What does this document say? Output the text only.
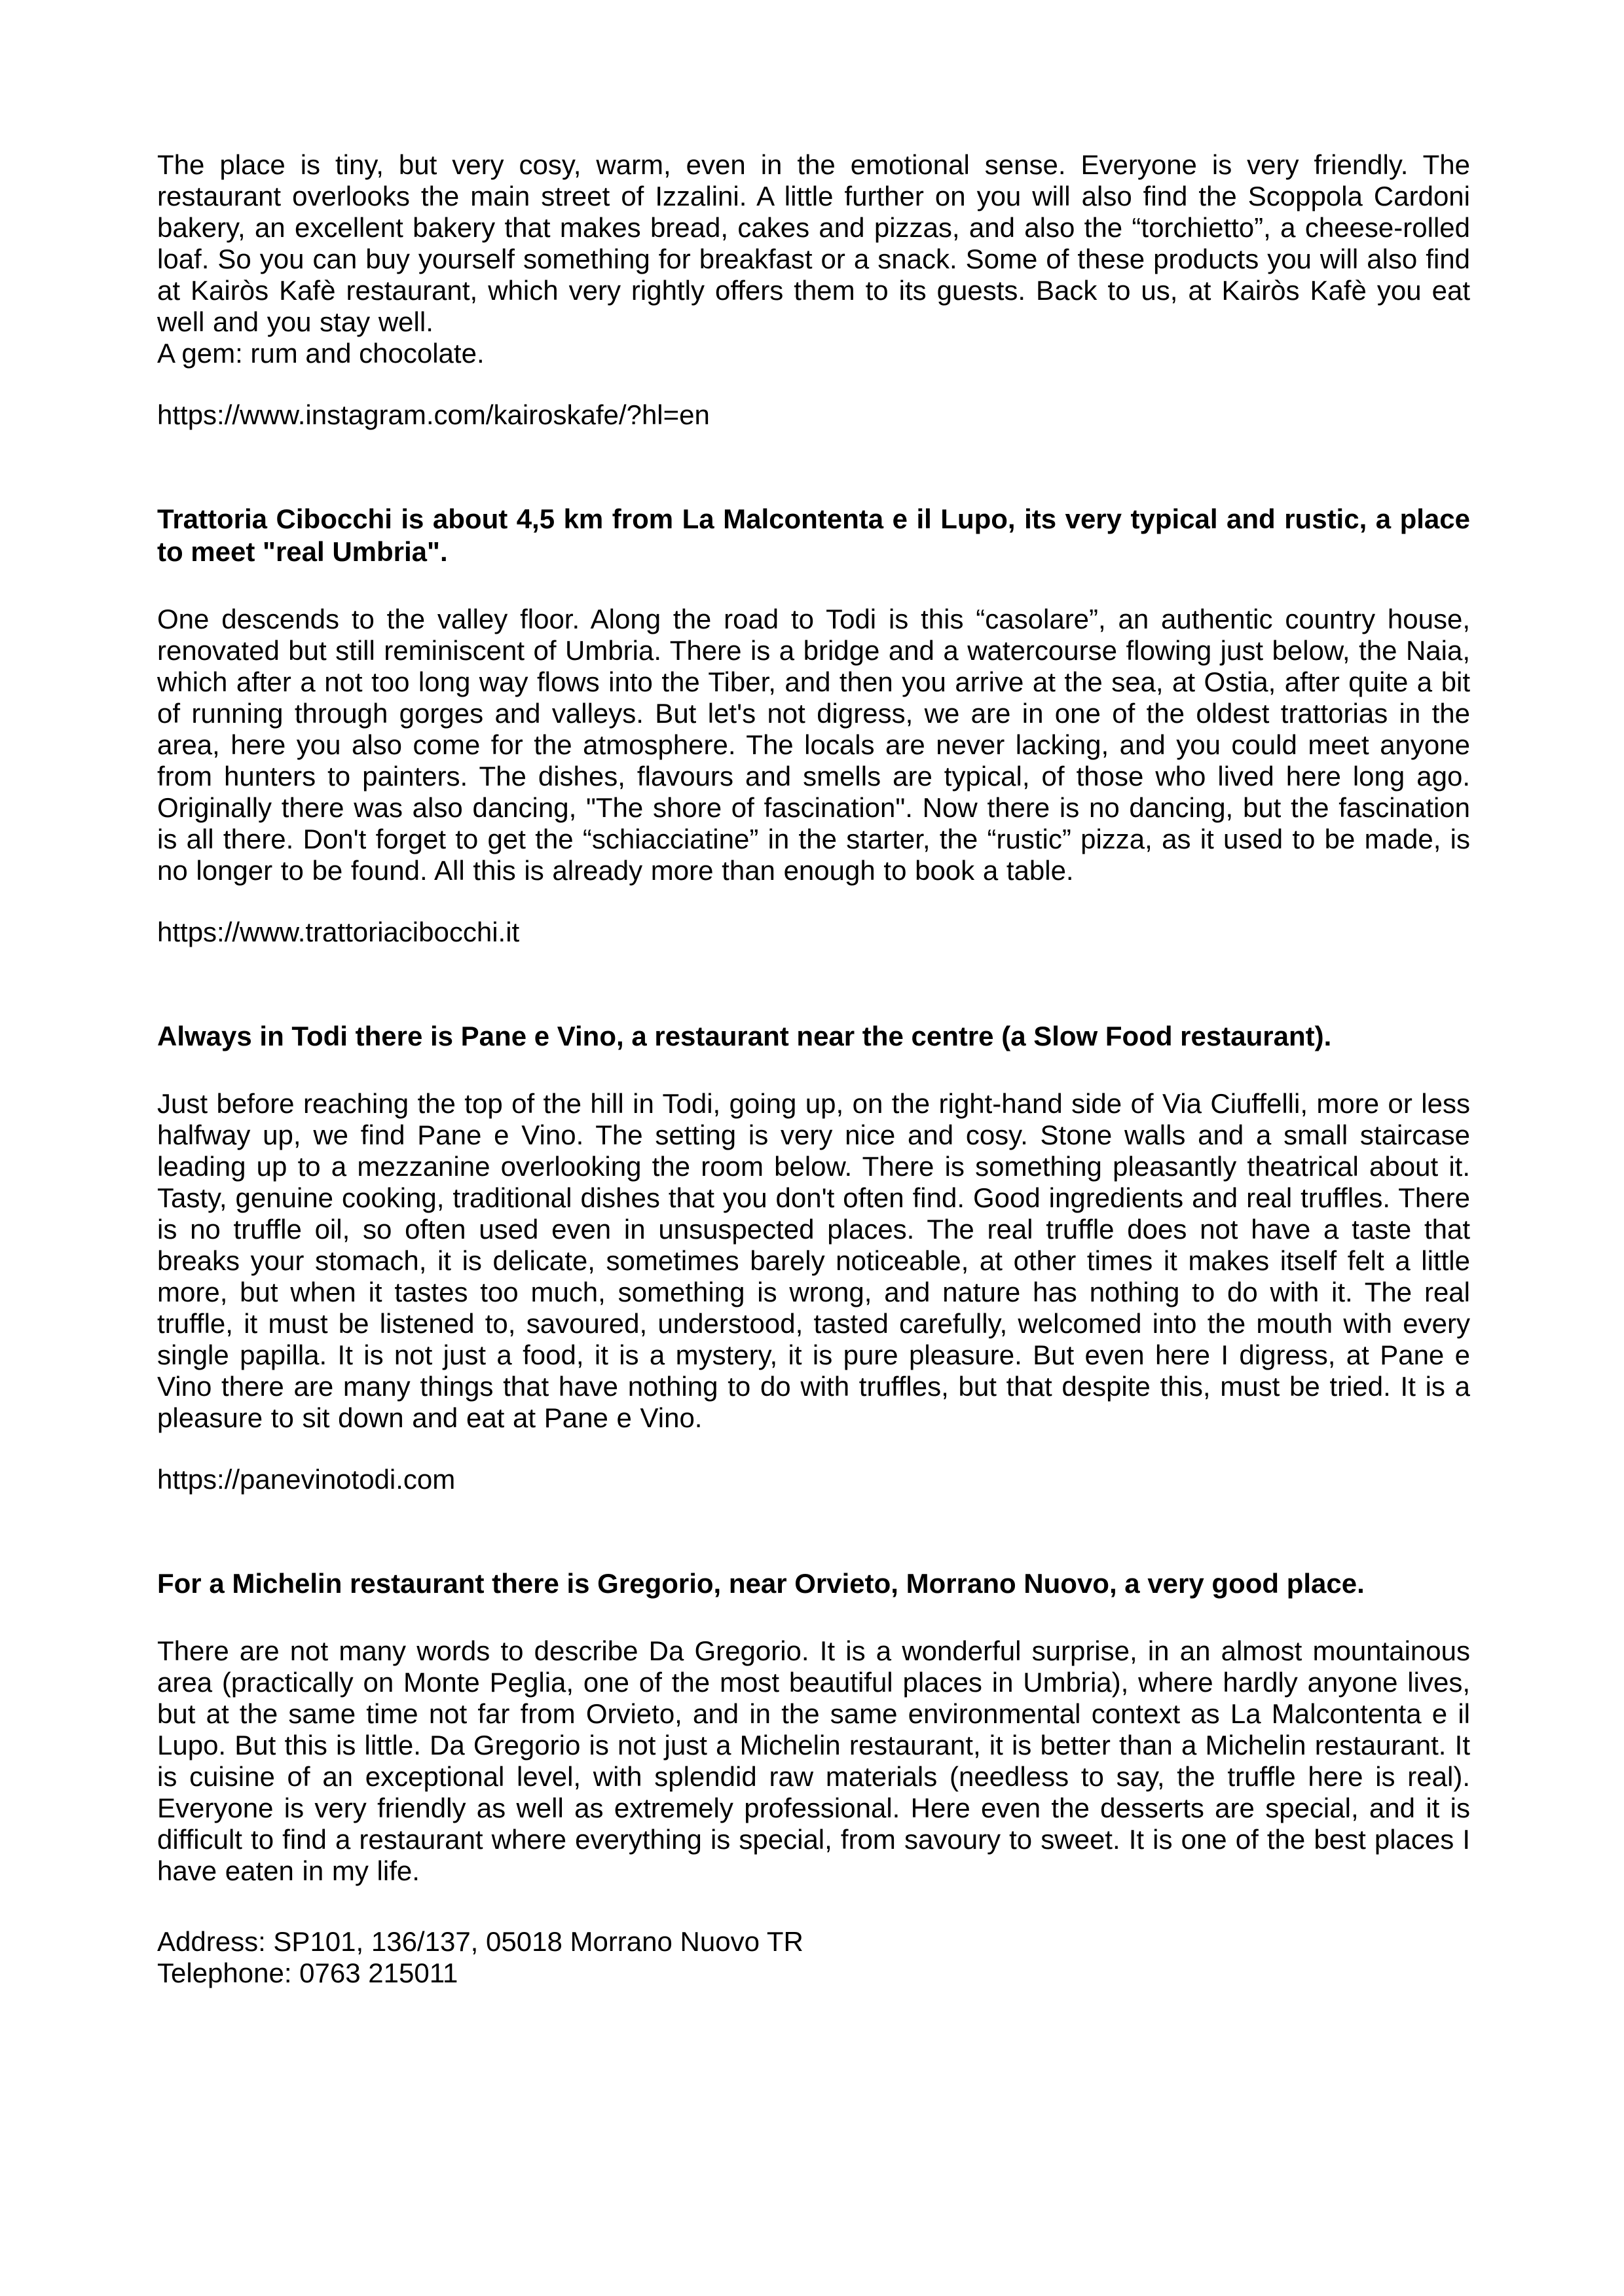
The place is tiny, but very cosy, warm, even in the emotional sense. Everyone is very friendly. The restaurant overlooks the main street of Izzalini. A little further on you will also find the Scoppola Cardoni bakery, an excellent bakery that makes bread, cakes and pizzas, and also the “torchietto”, a cheese-rolled loaf. So you can buy yourself something for breakfast or a snack. Some of these products you will also find at Kairòs Kafè restaurant, which very rightly offers them to its guests. Back to us, at Kairòs Kafè you eat well and you stay well.

A gem: rum and chocolate.

https://www.instagram.com/kairoskafe/?hl=en
Trattoria Cibocchi is about 4,5 km from La Malcontenta e il Lupo, its very typical and rustic, a place to meet "real Umbria".

One descends to the valley floor. Along the road to Todi is this “casolare”, an authentic country house, renovated but still reminiscent of Umbria. There is a bridge and a watercourse flowing just below, the Naia, which after a not too long way flows into the Tiber, and then you arrive at the sea, at Ostia, after quite a bit of running through gorges and valleys. But let's not digress, we are in one of the oldest trattorias in the area, here you also come for the atmosphere. The locals are never lacking, and you could meet anyone from hunters to painters. The dishes, flavours and smells are typical, of those who lived here long ago. Originally there was also dancing, "The shore of fascination". Now there is no dancing, but the fascination is all there. Don't forget to get the “schiacciatine” in the starter, the “rustic” pizza, as it used to be made, is no longer to be found. All this is already more than enough to book a table.

https://www.trattoriacibocchi.it
Always in Todi there is Pane e Vino, a restaurant near the centre (a Slow Food restaurant).

Just before reaching the top of the hill in Todi, going up, on the right-hand side of Via Ciuffelli, more or less halfway up, we find Pane e Vino. The setting is very nice and cosy. Stone walls and a small staircase leading up to a mezzanine overlooking the room below. There is something pleasantly theatrical about it. Tasty, genuine cooking, traditional dishes that you don't often find. Good ingredients and real truffles. There is no truffle oil, so often used even in unsuspected places. The real truffle does not have a taste that breaks your stomach, it is delicate, sometimes barely noticeable, at other times it makes itself felt a little more, but when it tastes too much, something is wrong, and nature has nothing to do with it. The real truffle, it must be listened to, savoured, understood, tasted carefully, welcomed into the mouth with every single papilla. It is not just a food, it is a mystery, it is pure pleasure. But even here I digress, at Pane e Vino there are many things that have nothing to do with truffles, but that despite this, must be tried. It is a pleasure to sit down and eat at Pane e Vino.

https://panevinotodi.com
For a Michelin restaurant there is Gregorio, near Orvieto, Morrano Nuovo, a very good place.

There are not many words to describe Da Gregorio. It is a wonderful surprise, in an almost mountainous area (practically on Monte Peglia, one of the most beautiful places in Umbria), where hardly anyone lives, but at the same time not far from Orvieto, and in the same environmental context as La Malcontenta e il Lupo. But this is little. Da Gregorio is not just a Michelin restaurant, it is better than a Michelin restaurant. It is cuisine of an exceptional level, with splendid raw materials (needless to say, the truffle here is real). Everyone is very friendly as well as extremely professional. Here even the desserts are special, and it is difficult to find a restaurant where everything is special, from savoury to sweet. It is one of the best places I have eaten in my life.

Address: SP101, 136/137, 05018 Morrano Nuovo TR
Telephone: 0763 215011
